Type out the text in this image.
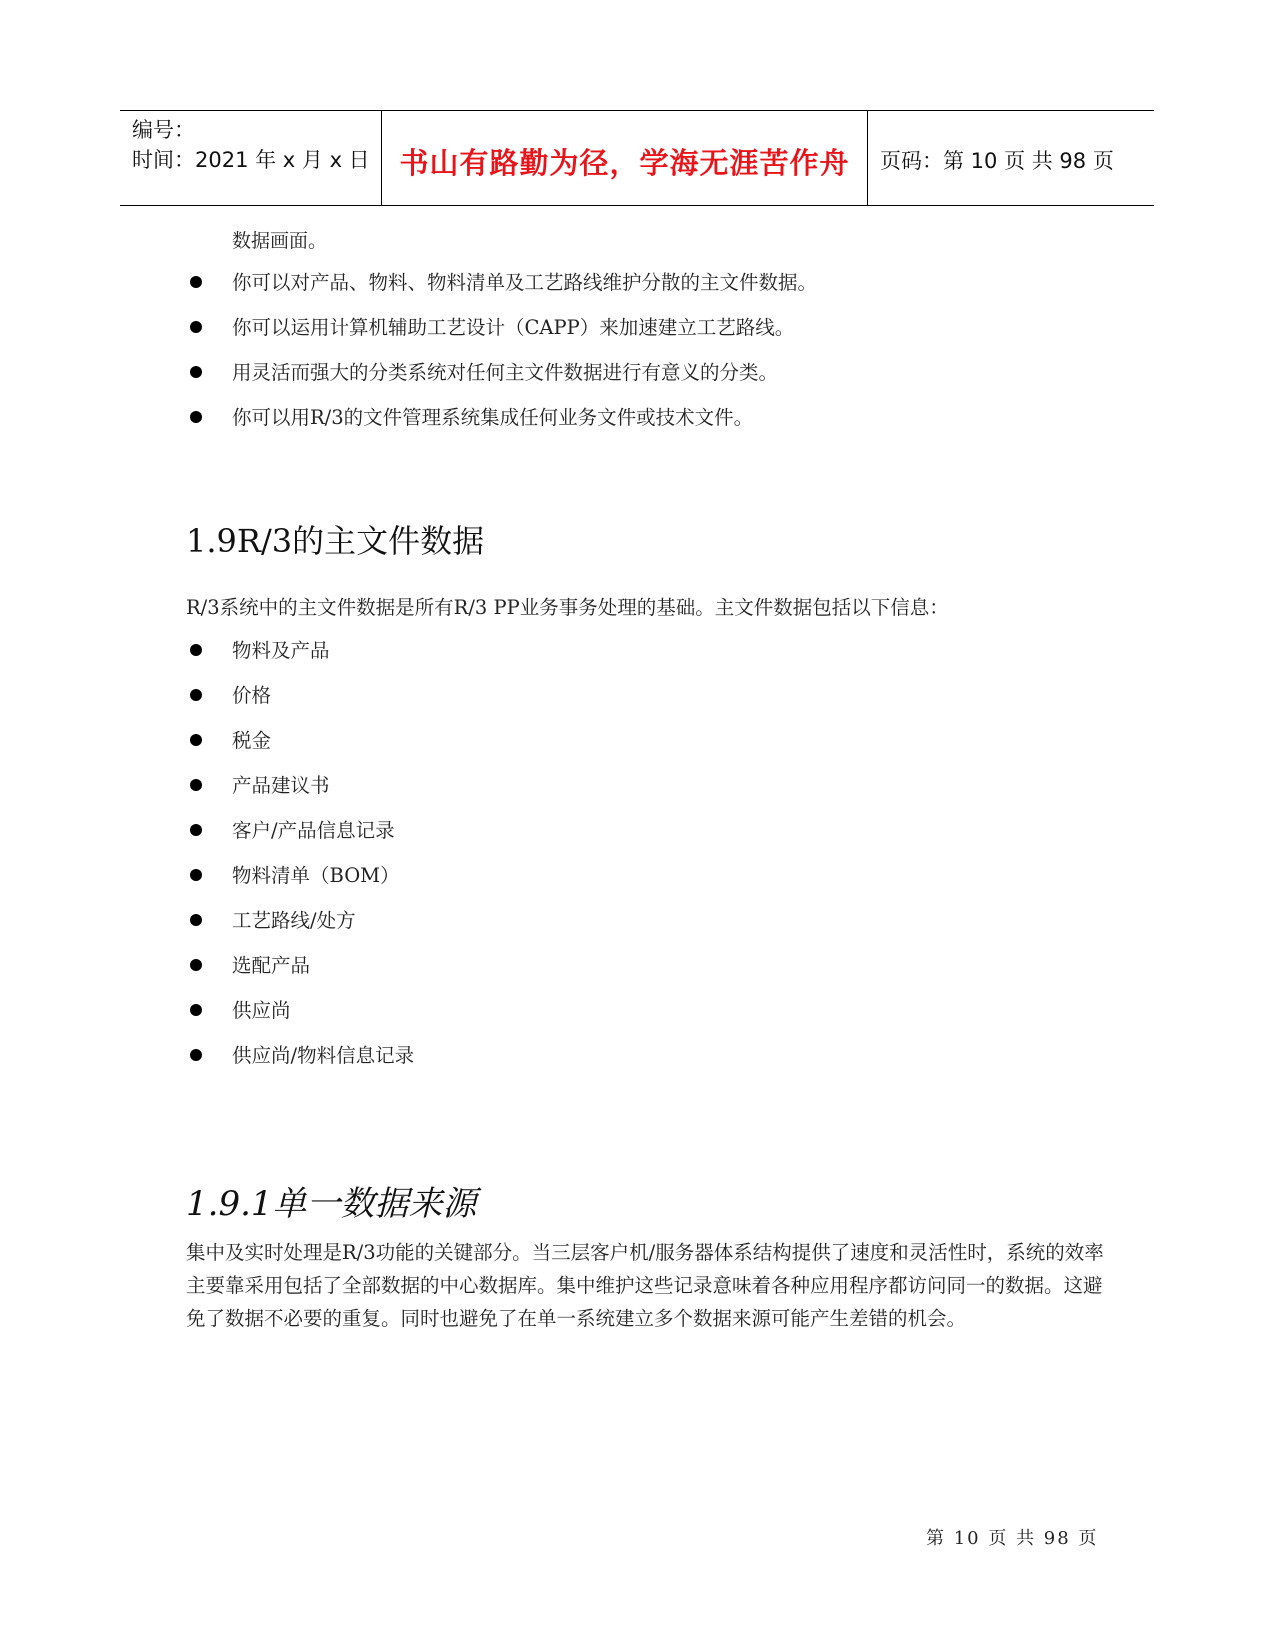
编号：
时间：2021 年 x 月 x 日	书山有路勤为径，学海无涯苦作舟	页码：第 10 页 共 98 页
数据画面。
你可以对产品、物料、物料清单及工艺路线维护分散的主文件数据。
你可以运用计算机辅助工艺设计（CAPP）来加速建立工艺路线。
用灵活而强大的分类系统对任何主文件数据进行有意义的分类。
你可以用R/3的文件管理系统集成任何业务文件或技术文件。
1.9R/3的主文件数据
R/3系统中的主文件数据是所有R/3 PP业务事务处理的基础。主文件数据包括以下信息：
物料及产品
价格
税金
产品建议书
客户/产品信息记录
物料清单（BOM）
工艺路线/处方
选配产品
供应尚
供应尚/物料信息记录
1.9.1单一数据来源
集中及实时处理是R/3功能的关键部分。当三层客户机/服务器体系结构提供了速度和灵活性时，系统的效率主要靠采用包括了全部数据的中心数据库。集中维护这些记录意味着各种应用程序都访问同一的数据。这避免了数据不必要的重复。同时也避免了在单一系统建立多个数据来源可能产生差错的机会。
第 10 页 共 98 页
